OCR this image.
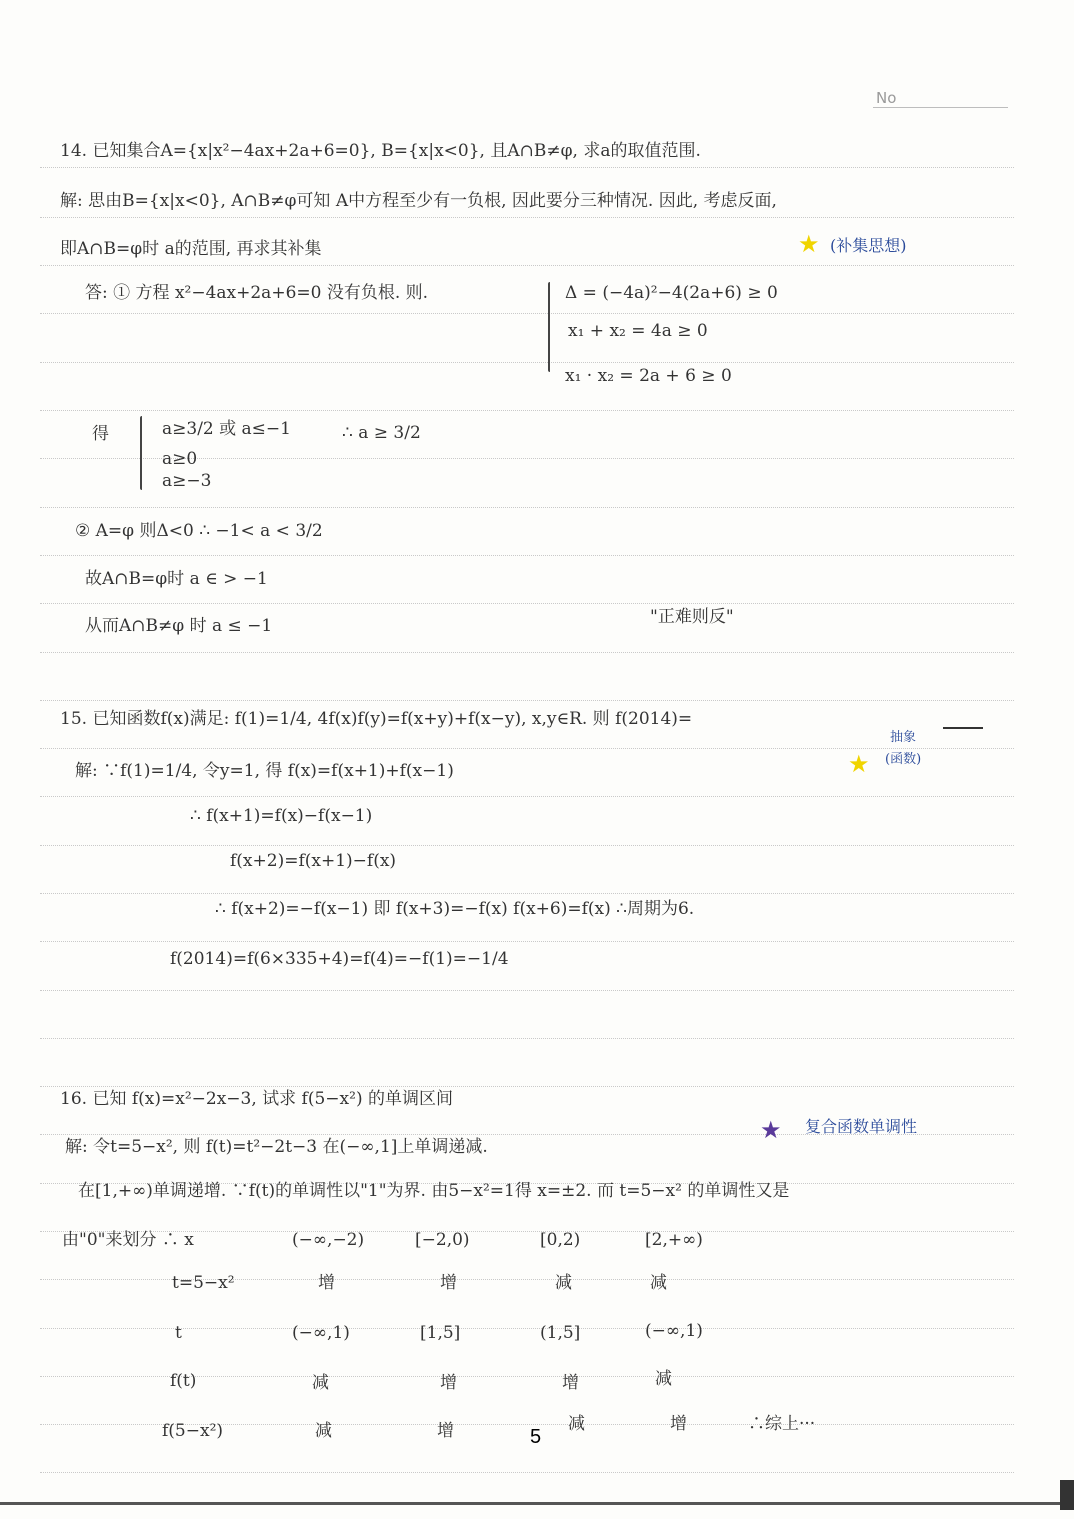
No
14. 已知集合A={x|x²−4ax+2a+6=0}, B={x|x<0}, 且A∩B≠φ, 求a的取值范围.
解: 思由B={x|x<0}, A∩B≠φ可知 A中方程至少有一负根, 因此要分三种情况. 因此, 考虑反面,
即A∩B=φ时 a的范围, 再求其补集	★ (补集思想)
答: ① 方程 x²−4ax+2a+6=0 没有负根. 则.	Δ = (−4a)²−4(2a+6) ≥ 0
x₁ + x₂ = 4a ≥ 0
x₁ · x₂ = 2a + 6 ≥ 0
得	a≥3/2 或 a≤−1
a≥0
a≥−3
∴ a ≥ 3/2
② A=φ 则Δ<0 ∴ −1< a < 3/2
故A∩B=φ时 a ∈ > −1
从而A∩B≠φ 时 a ≤ −1	"正难则反"
15. 已知函数f(x)满足: f(1)=1/4, 4f(x)f(y)=f(x+y)+f(x−y), x,y∈R. 则 f(2014)=
抽象
(函数)
★
解: ∵f(1)=1/4, 令y=1, 得 f(x)=f(x+1)+f(x−1)
∴ f(x+1)=f(x)−f(x−1)
f(x+2)=f(x+1)−f(x)
∴ f(x+2)=−f(x−1) 即 f(x+3)=−f(x) f(x+6)=f(x) ∴周期为6.
f(2014)=f(6×335+4)=f(4)=−f(1)=−1/4
16. 已知 f(x)=x²−2x−3, 试求 f(5−x²) 的单调区间
★ 复合函数单调性
解: 令t=5−x², 则 f(t)=t²−2t−3 在(−∞,1]上单调递减.
在[1,+∞)单调递增. ∵f(t)的单调性以"1"为界. 由5−x²=1得 x=±2. 而 t=5−x² 的单调性又是
由"0"来划分 ∴ x	(−∞,−2)	[−2,0)	[0,2)	[2,+∞)
t=5−x²	增	增	减	减
t	(−∞,1)	[1,5]	(1,5]	(−∞,1)
f(t)	减	增	增	减
f(5−x²)	减	增	减	增	∴综上···
5
